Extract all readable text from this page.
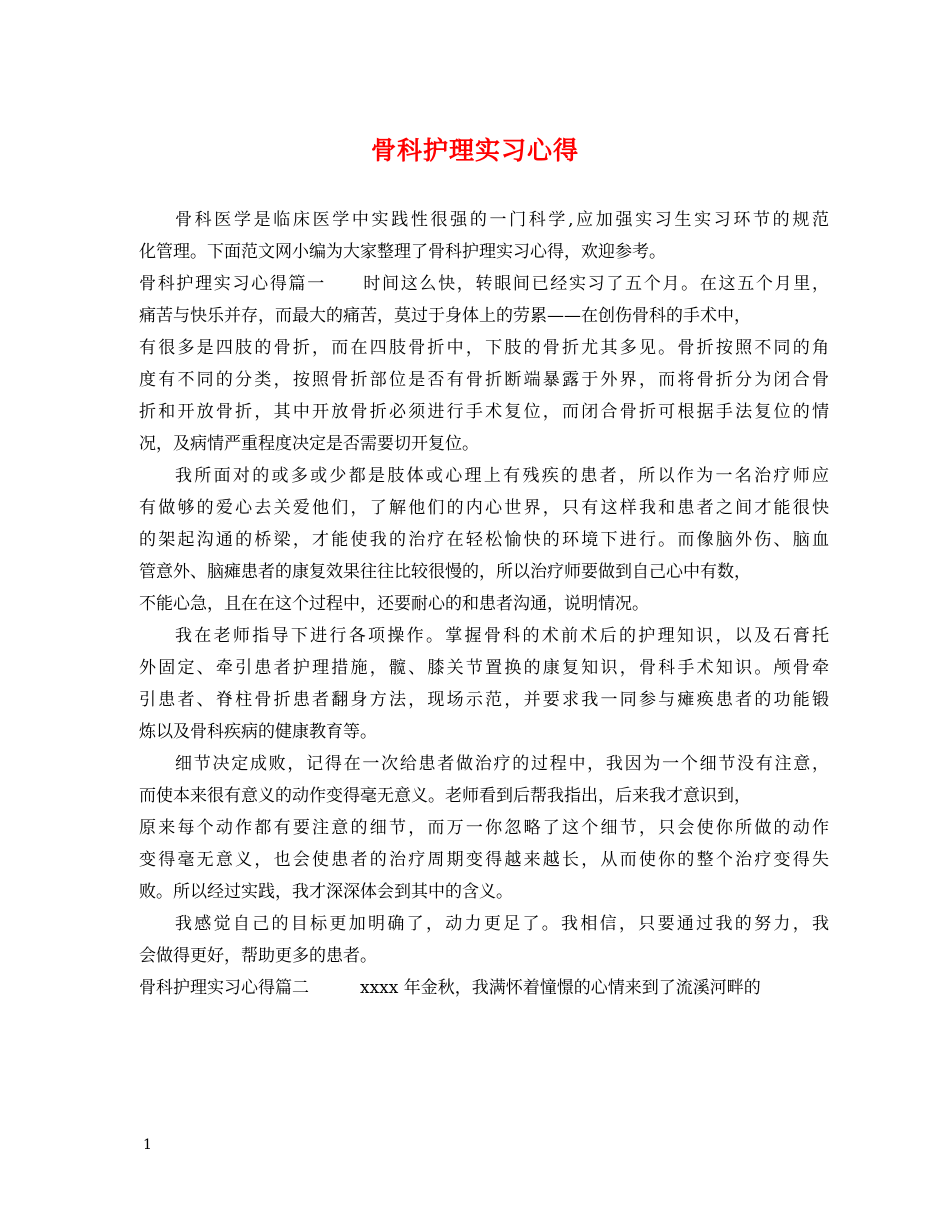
骨科护理实习心得
骨科医学是临床医学中实践性很强的一门科学,应加强实习生实习环节的规范
化管理。下面范文网小编为大家整理了骨科护理实习心得，欢迎参考。
骨科护理实习心得篇一　　时间这么快，转眼间已经实习了五个月。在这五个月里，
痛苦与快乐并存，而最大的痛苦，莫过于身体上的劳累——在创伤骨科的手术中，
有很多是四肢的骨折，而在四肢骨折中，下肢的骨折尤其多见。骨折按照不同的角
度有不同的分类，按照骨折部位是否有骨折断端暴露于外界，而将骨折分为闭合骨
折和开放骨折，其中开放骨折必须进行手术复位，而闭合骨折可根据手法复位的情
况，及病情严重程度决定是否需要切开复位。
我所面对的或多或少都是肢体或心理上有残疾的患者，所以作为一名治疗师应
有做够的爱心去关爱他们，了解他们的内心世界，只有这样我和患者之间才能很快
的架起沟通的桥梁，才能使我的治疗在轻松愉快的环境下进行。而像脑外伤、脑血
管意外、脑瘫患者的康复效果往往比较很慢的，所以治疗师要做到自己心中有数，
不能心急，且在在这个过程中，还要耐心的和患者沟通，说明情况。
我在老师指导下进行各项操作。掌握骨科的术前术后的护理知识，以及石膏托
外固定、牵引患者护理措施，髋、膝关节置换的康复知识，骨科手术知识。颅骨牵
引患者、脊柱骨折患者翻身方法，现场示范，并要求我一同参与瘫痪患者的功能锻
炼以及骨科疾病的健康教育等。
细节决定成败，记得在一次给患者做治疗的过程中，我因为一个细节没有注意，
而使本来很有意义的动作变得毫无意义。老师看到后帮我指出，后来我才意识到，
原来每个动作都有要注意的细节，而万一你忽略了这个细节，只会使你所做的动作
变得毫无意义，也会使患者的治疗周期变得越来越长，从而使你的整个治疗变得失
败。所以经过实践，我才深深体会到其中的含义。
我感觉自己的目标更加明确了，动力更足了。我相信，只要通过我的努力，我
会做得更好，帮助更多的患者。
骨科护理实习心得篇二　　　xxxx 年金秋，我满怀着憧憬的心情来到了流溪河畔的
1
